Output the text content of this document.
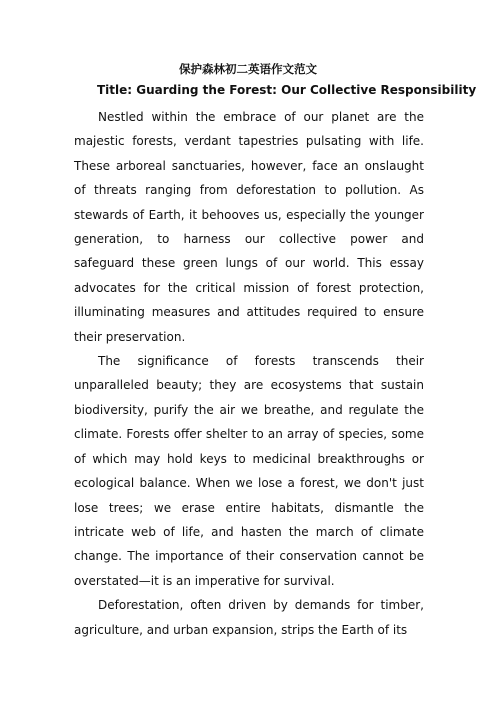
保护森林初二英语作文范文
Title: Guarding the Forest: Our Collective Responsibility

Nestled within the embrace of our planet are the majestic forests, verdant tapestries pulsating with life. These arboreal sanctuaries, however, face an onslaught of threats ranging from deforestation to pollution. As stewards of Earth, it behooves us, especially the younger generation, to harness our collective power and safeguard these green lungs of our world. This essay advocates for the critical mission of forest protection, illuminating measures and attitudes required to ensure their preservation.

The significance of forests transcends their unparalleled beauty; they are ecosystems that sustain biodiversity, purify the air we breathe, and regulate the climate. Forests offer shelter to an array of species, some of which may hold keys to medicinal breakthroughs or ecological balance. When we lose a forest, we don't just lose trees; we erase entire habitats, dismantle the intricate web of life, and hasten the march of climate change. The importance of their conservation cannot be overstated—it is an imperative for survival.

Deforestation, often driven by demands for timber, agriculture, and urban expansion, strips the Earth of its
